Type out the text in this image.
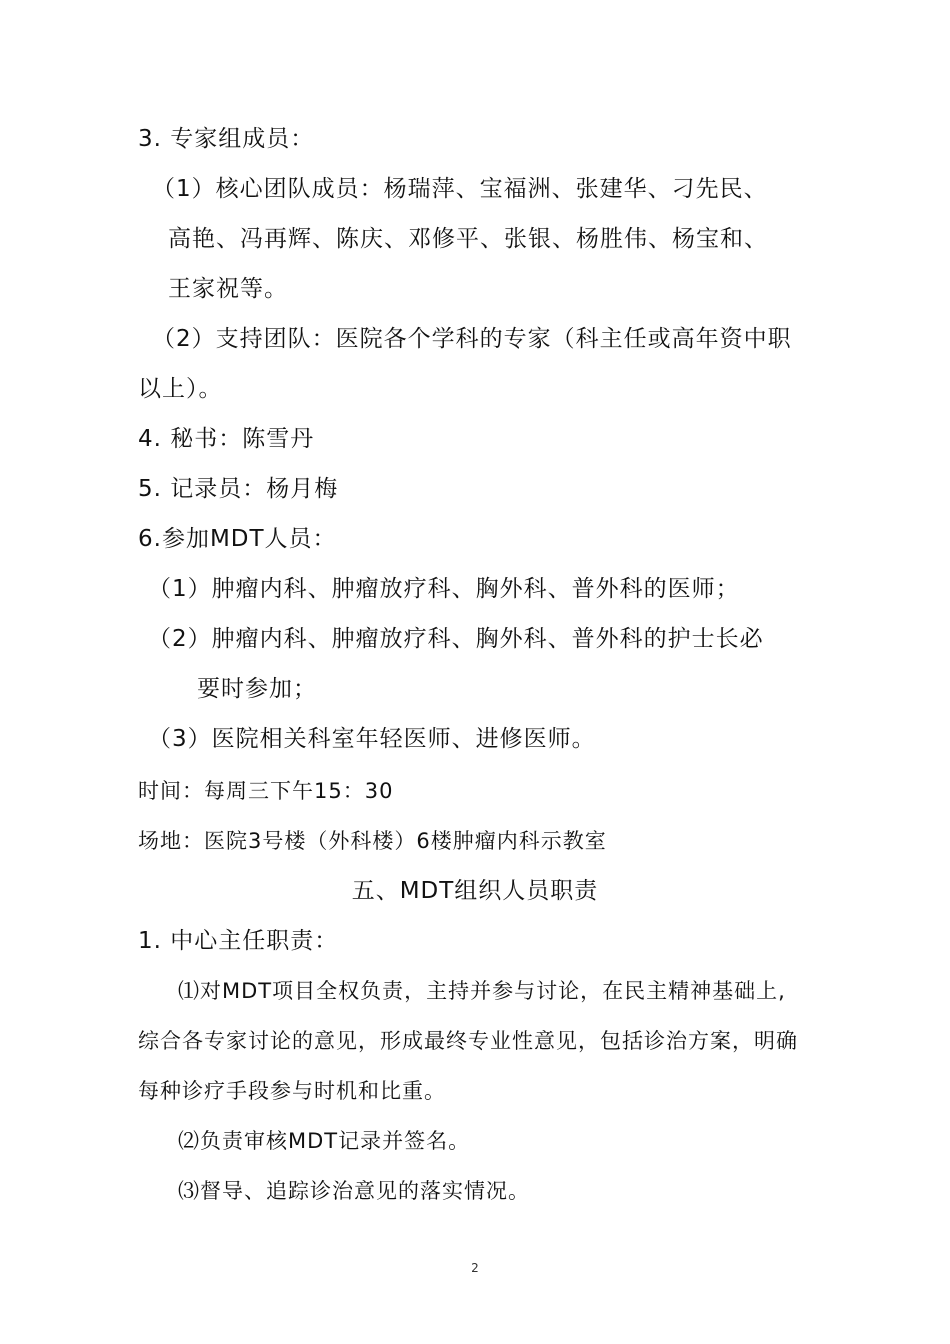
3. 专家组成员：
（1）核心团队成员：杨瑞萍、宝福洲、张建华、刁先民、
高艳、冯再辉、陈庆、邓修平、张银、杨胜伟、杨宝和、
王家祝等。
（2）支持团队：医院各个学科的专家（科主任或高年资中职
以上）。
4. 秘书：陈雪丹
5. 记录员：杨月梅
6.参加MDT人员：
（1）肿瘤内科、肿瘤放疗科、胸外科、普外科的医师；
（2）肿瘤内科、肿瘤放疗科、胸外科、普外科的护士长必
要时参加；
（3）医院相关科室年轻医师、进修医师。
时间：每周三下午15：30
场地：医院3号楼（外科楼）6楼肿瘤内科示教室
五、MDT组织人员职责
1. 中心主任职责：
⑴对MDT项目全权负责，主持并参与讨论，在民主精神基础上,
综合各专家讨论的意见，形成最终专业性意见，包括诊治方案，明确
每种诊疗手段参与时机和比重。
⑵负责审核MDT记录并签名。
⑶督导、追踪诊治意见的落实情况。
2
